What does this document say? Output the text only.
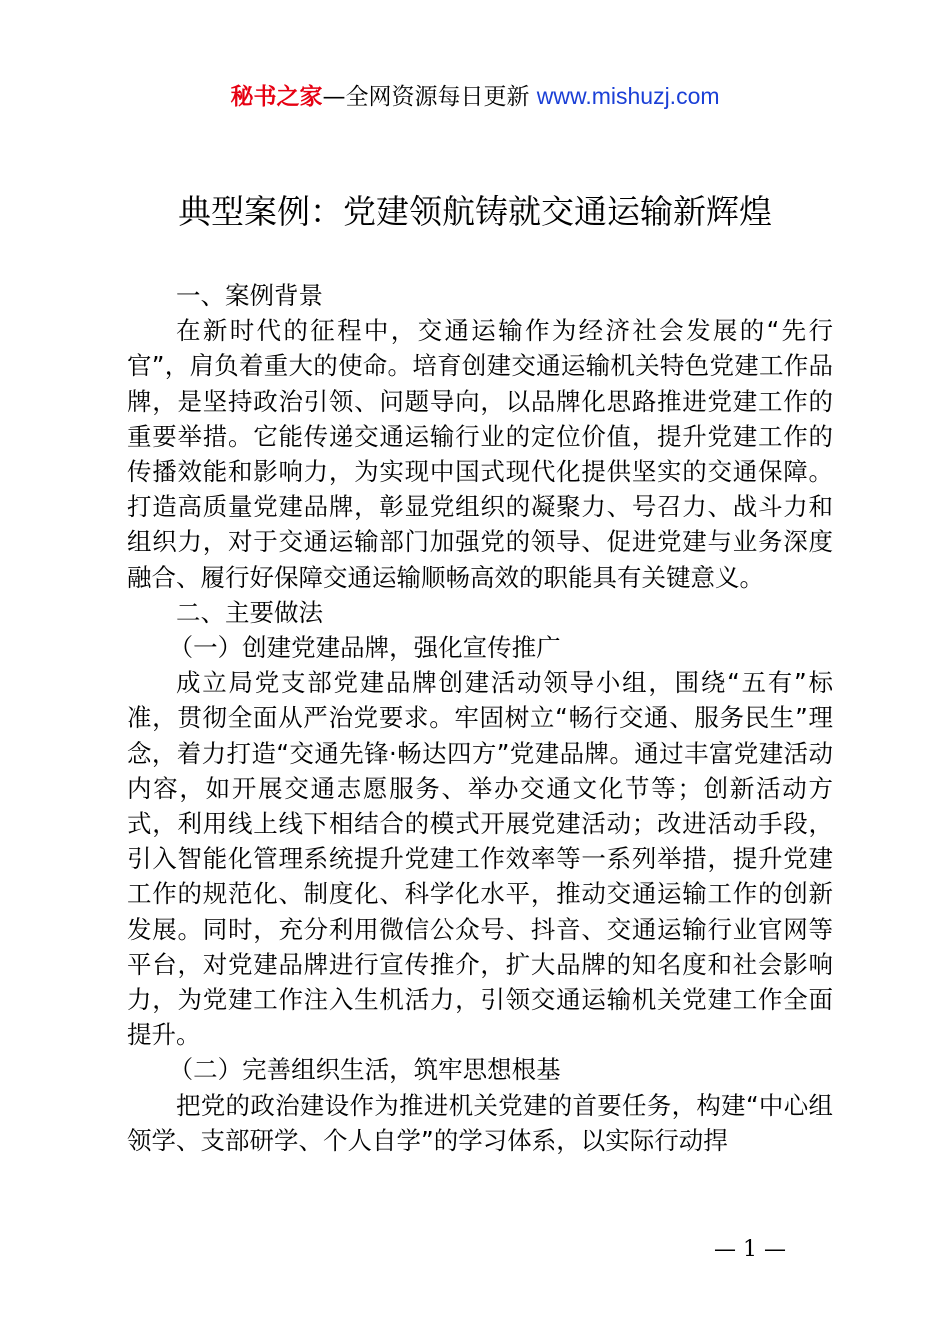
秘书之家—全网资源每日更新 www.mishuzj.com
典型案例：党建领航铸就交通运输新辉煌

一、案例背景

在新时代的征程中，交通运输作为经济社会发展的“先行官”，肩负着重大的使命。培育创建交通运输机关特色党建工作品牌，是坚持政治引领、问题导向，以品牌化思路推进党建工作的重要举措。它能传递交通运输行业的定位价值，提升党建工作的传播效能和影响力，为实现中国式现代化提供坚实的交通保障。打造高质量党建品牌，彰显党组织的凝聚力、号召力、战斗力和组织力，对于交通运输部门加强党的领导、促进党建与业务深度融合、履行好保障交通运输顺畅高效的职能具有关键意义。

二、主要做法

（一）创建党建品牌，强化宣传推广

成立局党支部党建品牌创建活动领导小组，围绕“五有”标准，贯彻全面从严治党要求。牢固树立“畅行交通、服务民生”理念，着力打造“交通先锋·畅达四方”党建品牌。通过丰富党建活动内容，如开展交通志愿服务、举办交通文化节等；创新活动方式，利用线上线下相结合的模式开展党建活动；改进活动手段，引入智能化管理系统提升党建工作效率等一系列举措，提升党建工作的规范化、制度化、科学化水平，推动交通运输工作的创新发展。同时，充分利用微信公众号、抖音、交通运输行业官网等平台，对党建品牌进行宣传推介，扩大品牌的知名度和社会影响力，为党建工作注入生机活力，引领交通运输机关党建工作全面提升。

（二）完善组织生活，筑牢思想根基

把党的政治建设作为推进机关党建的首要任务，构建“中心组领学、支部研学、个人自学”的学习体系，以实际行动捍

— 1 —
